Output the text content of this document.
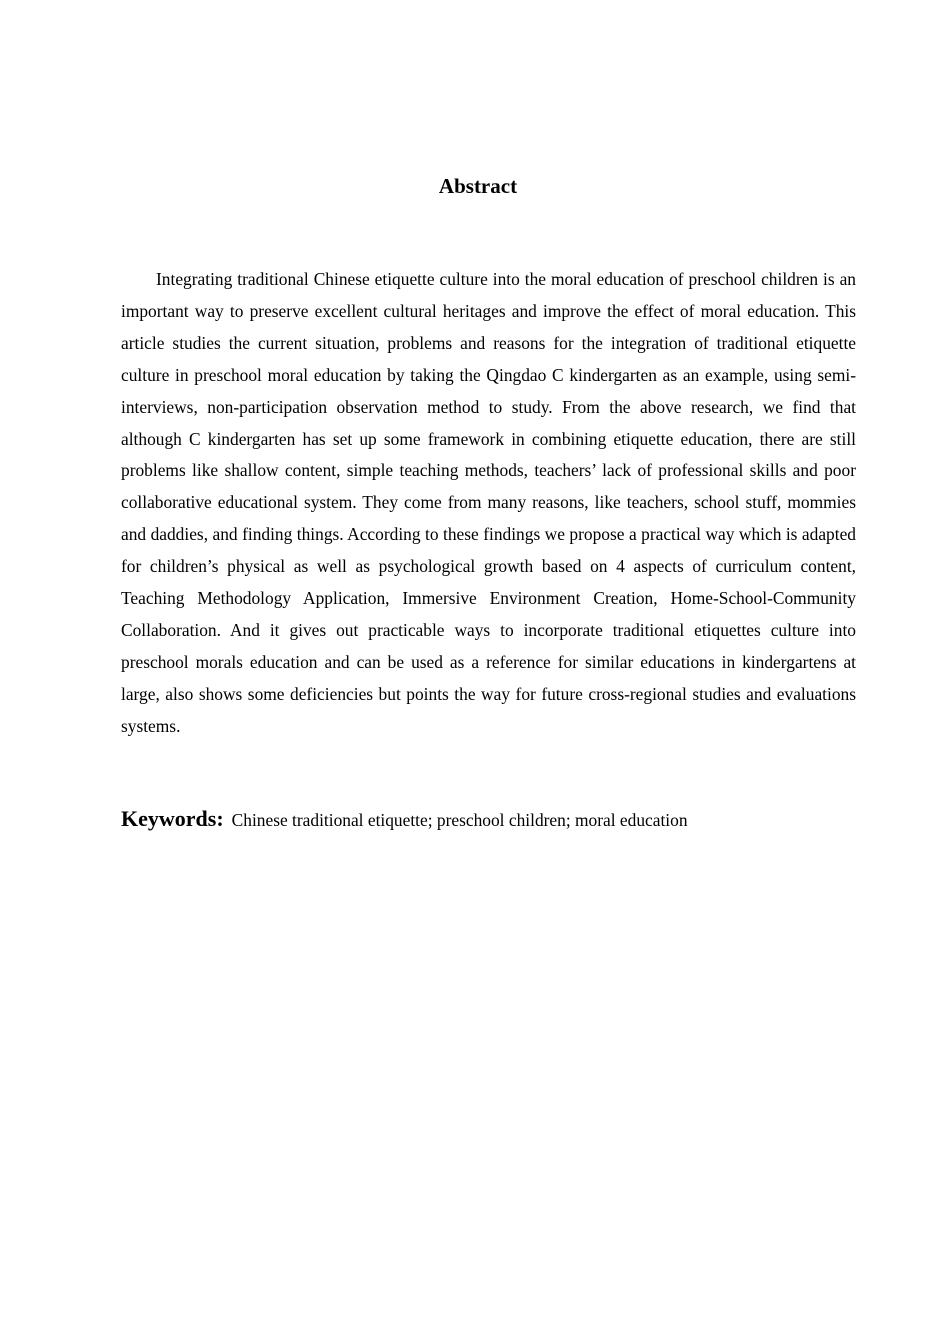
Abstract

Integrating traditional Chinese etiquette culture into the moral education of preschool children is an important way to preserve excellent cultural heritages and improve the effect of moral education. This article studies the current situation, problems and reasons for the integration of traditional etiquette culture in preschool moral education by taking the Qingdao C kindergarten as an example, using semi-interviews, non-participation observation method to study. From the above research, we find that although C kindergarten has set up some framework in combining etiquette education, there are still problems like shallow content, simple teaching methods, teachers’ lack of professional skills and poor collaborative educational system. They come from many reasons, like teachers, school stuff, mommies and daddies, and finding things. According to these findings we propose a practical way which is adapted for children’s physical as well as psychological growth based on 4 aspects of curriculum content, Teaching Methodology Application, Immersive Environment Creation, Home-School-Community Collaboration. And it gives out practicable ways to incorporate traditional etiquettes culture into preschool morals education and can be used as a reference for similar educations in kindergartens at large, also shows some deficiencies but points the way for future cross-regional studies and evaluations systems.

Keywords: Chinese traditional etiquette; preschool children; moral education
